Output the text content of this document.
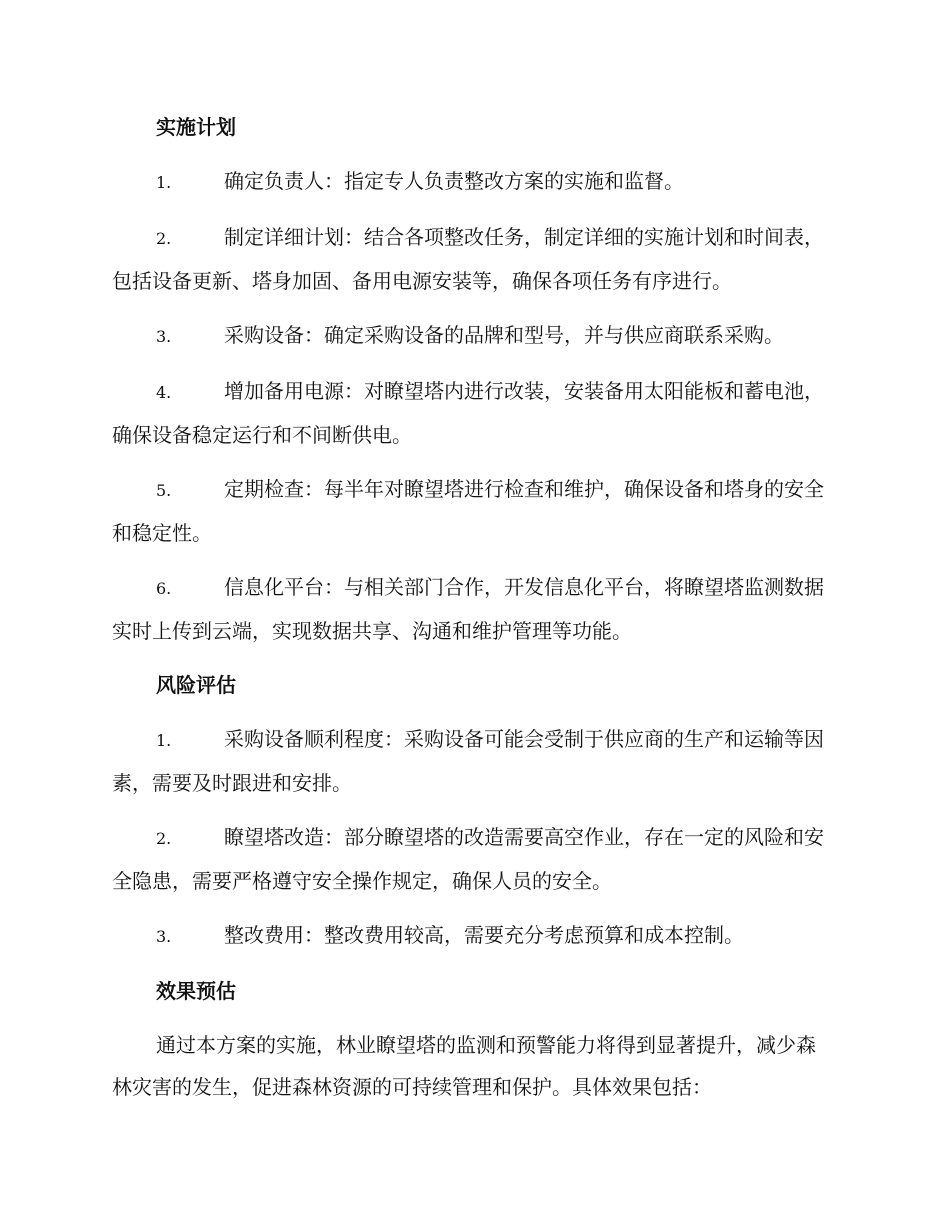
实施计划
1.	确定负责人：指定专人负责整改方案的实施和监督。
2.	制定详细计划：结合各项整改任务，制定详细的实施计划和时间表，包括设备更新、塔身加固、备用电源安装等，确保各项任务有序进行。
3.	采购设备：确定采购设备的品牌和型号，并与供应商联系采购。
4.	增加备用电源：对瞭望塔内进行改装，安装备用太阳能板和蓄电池，确保设备稳定运行和不间断供电。
5.	定期检查：每半年对瞭望塔进行检查和维护，确保设备和塔身的安全和稳定性。
6.	信息化平台：与相关部门合作，开发信息化平台，将瞭望塔监测数据实时上传到云端，实现数据共享、沟通和维护管理等功能。
风险评估
1.	采购设备顺利程度：采购设备可能会受制于供应商的生产和运输等因素，需要及时跟进和安排。
2.	瞭望塔改造：部分瞭望塔的改造需要高空作业，存在一定的风险和安全隐患，需要严格遵守安全操作规定，确保人员的安全。
3.	整改费用：整改费用较高，需要充分考虑预算和成本控制。
效果预估
通过本方案的实施，林业瞭望塔的监测和预警能力将得到显著提升，减少森林灾害的发生，促进森林资源的可持续管理和保护。具体效果包括：
